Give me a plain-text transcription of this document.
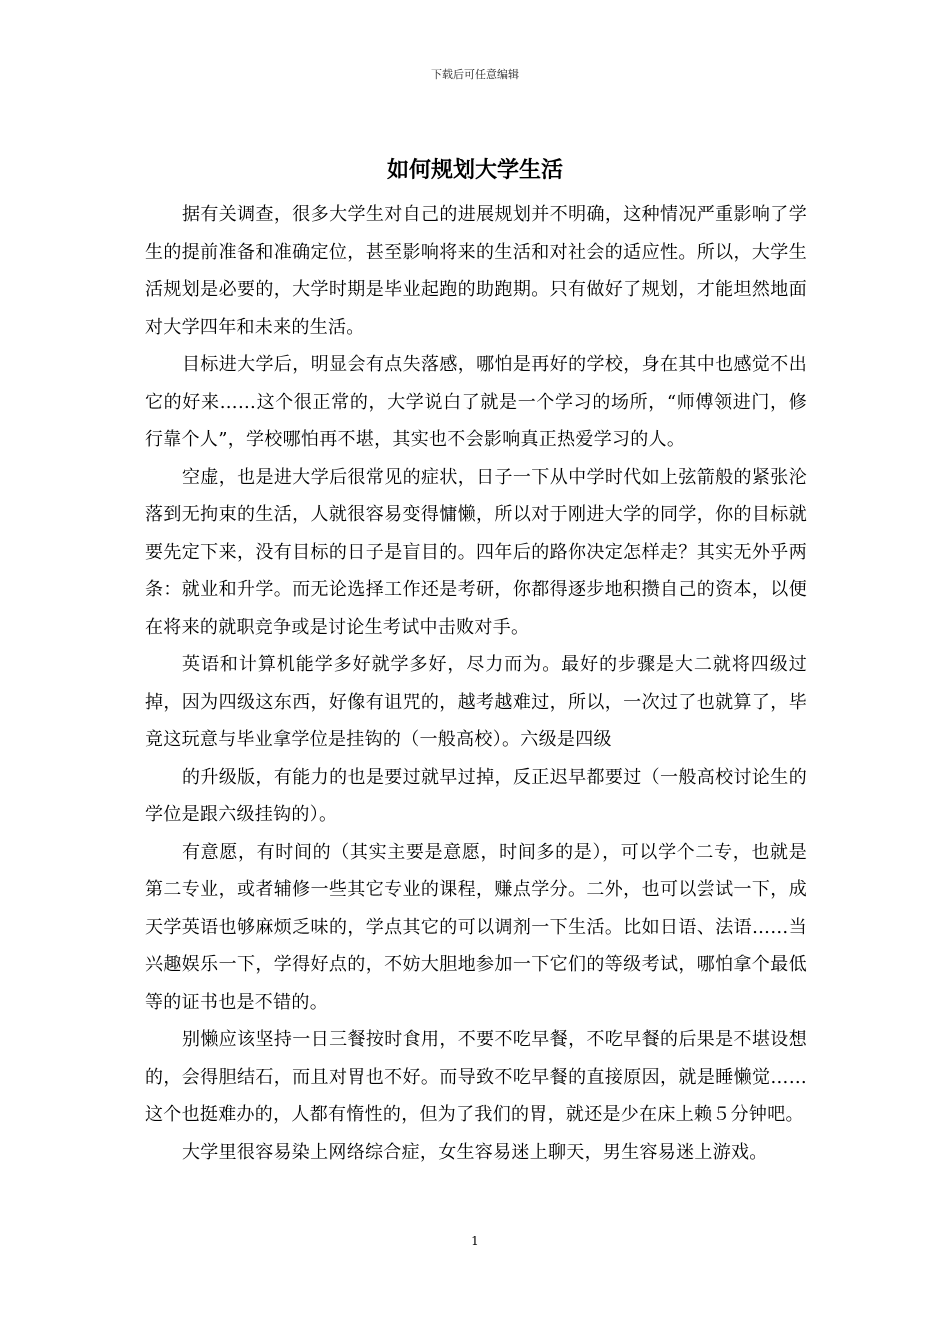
下载后可任意编辑
如何规划大学生活

据有关调查，很多大学生对自己的进展规划并不明确，这种情况严重影响了学生的提前准备和准确定位，甚至影响将来的生活和对社会的适应性。所以，大学生活规划是必要的，大学时期是毕业起跑的助跑期。只有做好了规划，才能坦然地面对大学四年和未来的生活。

目标进大学后，明显会有点失落感，哪怕是再好的学校，身在其中也感觉不出它的好来……这个很正常的，大学说白了就是一个学习的场所，“师傅领进门，修行靠个人”，学校哪怕再不堪，其实也不会影响真正热爱学习的人。

空虚，也是进大学后很常见的症状，日子一下从中学时代如上弦箭般的紧张沦落到无拘束的生活，人就很容易变得慵懒，所以对于刚进大学的同学，你的目标就要先定下来，没有目标的日子是盲目的。四年后的路你决定怎样走？其实无外乎两条：就业和升学。而无论选择工作还是考研，你都得逐步地积攒自己的资本，以便在将来的就职竞争或是讨论生考试中击败对手。

英语和计算机能学多好就学多好，尽力而为。最好的步骤是大二就将四级过掉，因为四级这东西，好像有诅咒的，越考越难过，所以，一次过了也就算了，毕竟这玩意与毕业拿学位是挂钩的（一般高校）。六级是四级

的升级版，有能力的也是要过就早过掉，反正迟早都要过（一般高校讨论生的学位是跟六级挂钩的）。

有意愿，有时间的（其实主要是意愿，时间多的是），可以学个二专，也就是第二专业，或者辅修一些其它专业的课程，赚点学分。二外，也可以尝试一下，成天学英语也够麻烦乏味的，学点其它的可以调剂一下生活。比如日语、法语……当兴趣娱乐一下，学得好点的，不妨大胆地参加一下它们的等级考试，哪怕拿个最低等的证书也是不错的。

别懒应该坚持一日三餐按时食用，不要不吃早餐，不吃早餐的后果是不堪设想的，会得胆结石，而且对胃也不好。而导致不吃早餐的直接原因，就是睡懒觉……这个也挺难办的，人都有惰性的，但为了我们的胃，就还是少在床上赖５分钟吧。

大学里很容易染上网络综合症，女生容易迷上聊天，男生容易迷上游戏。

1
